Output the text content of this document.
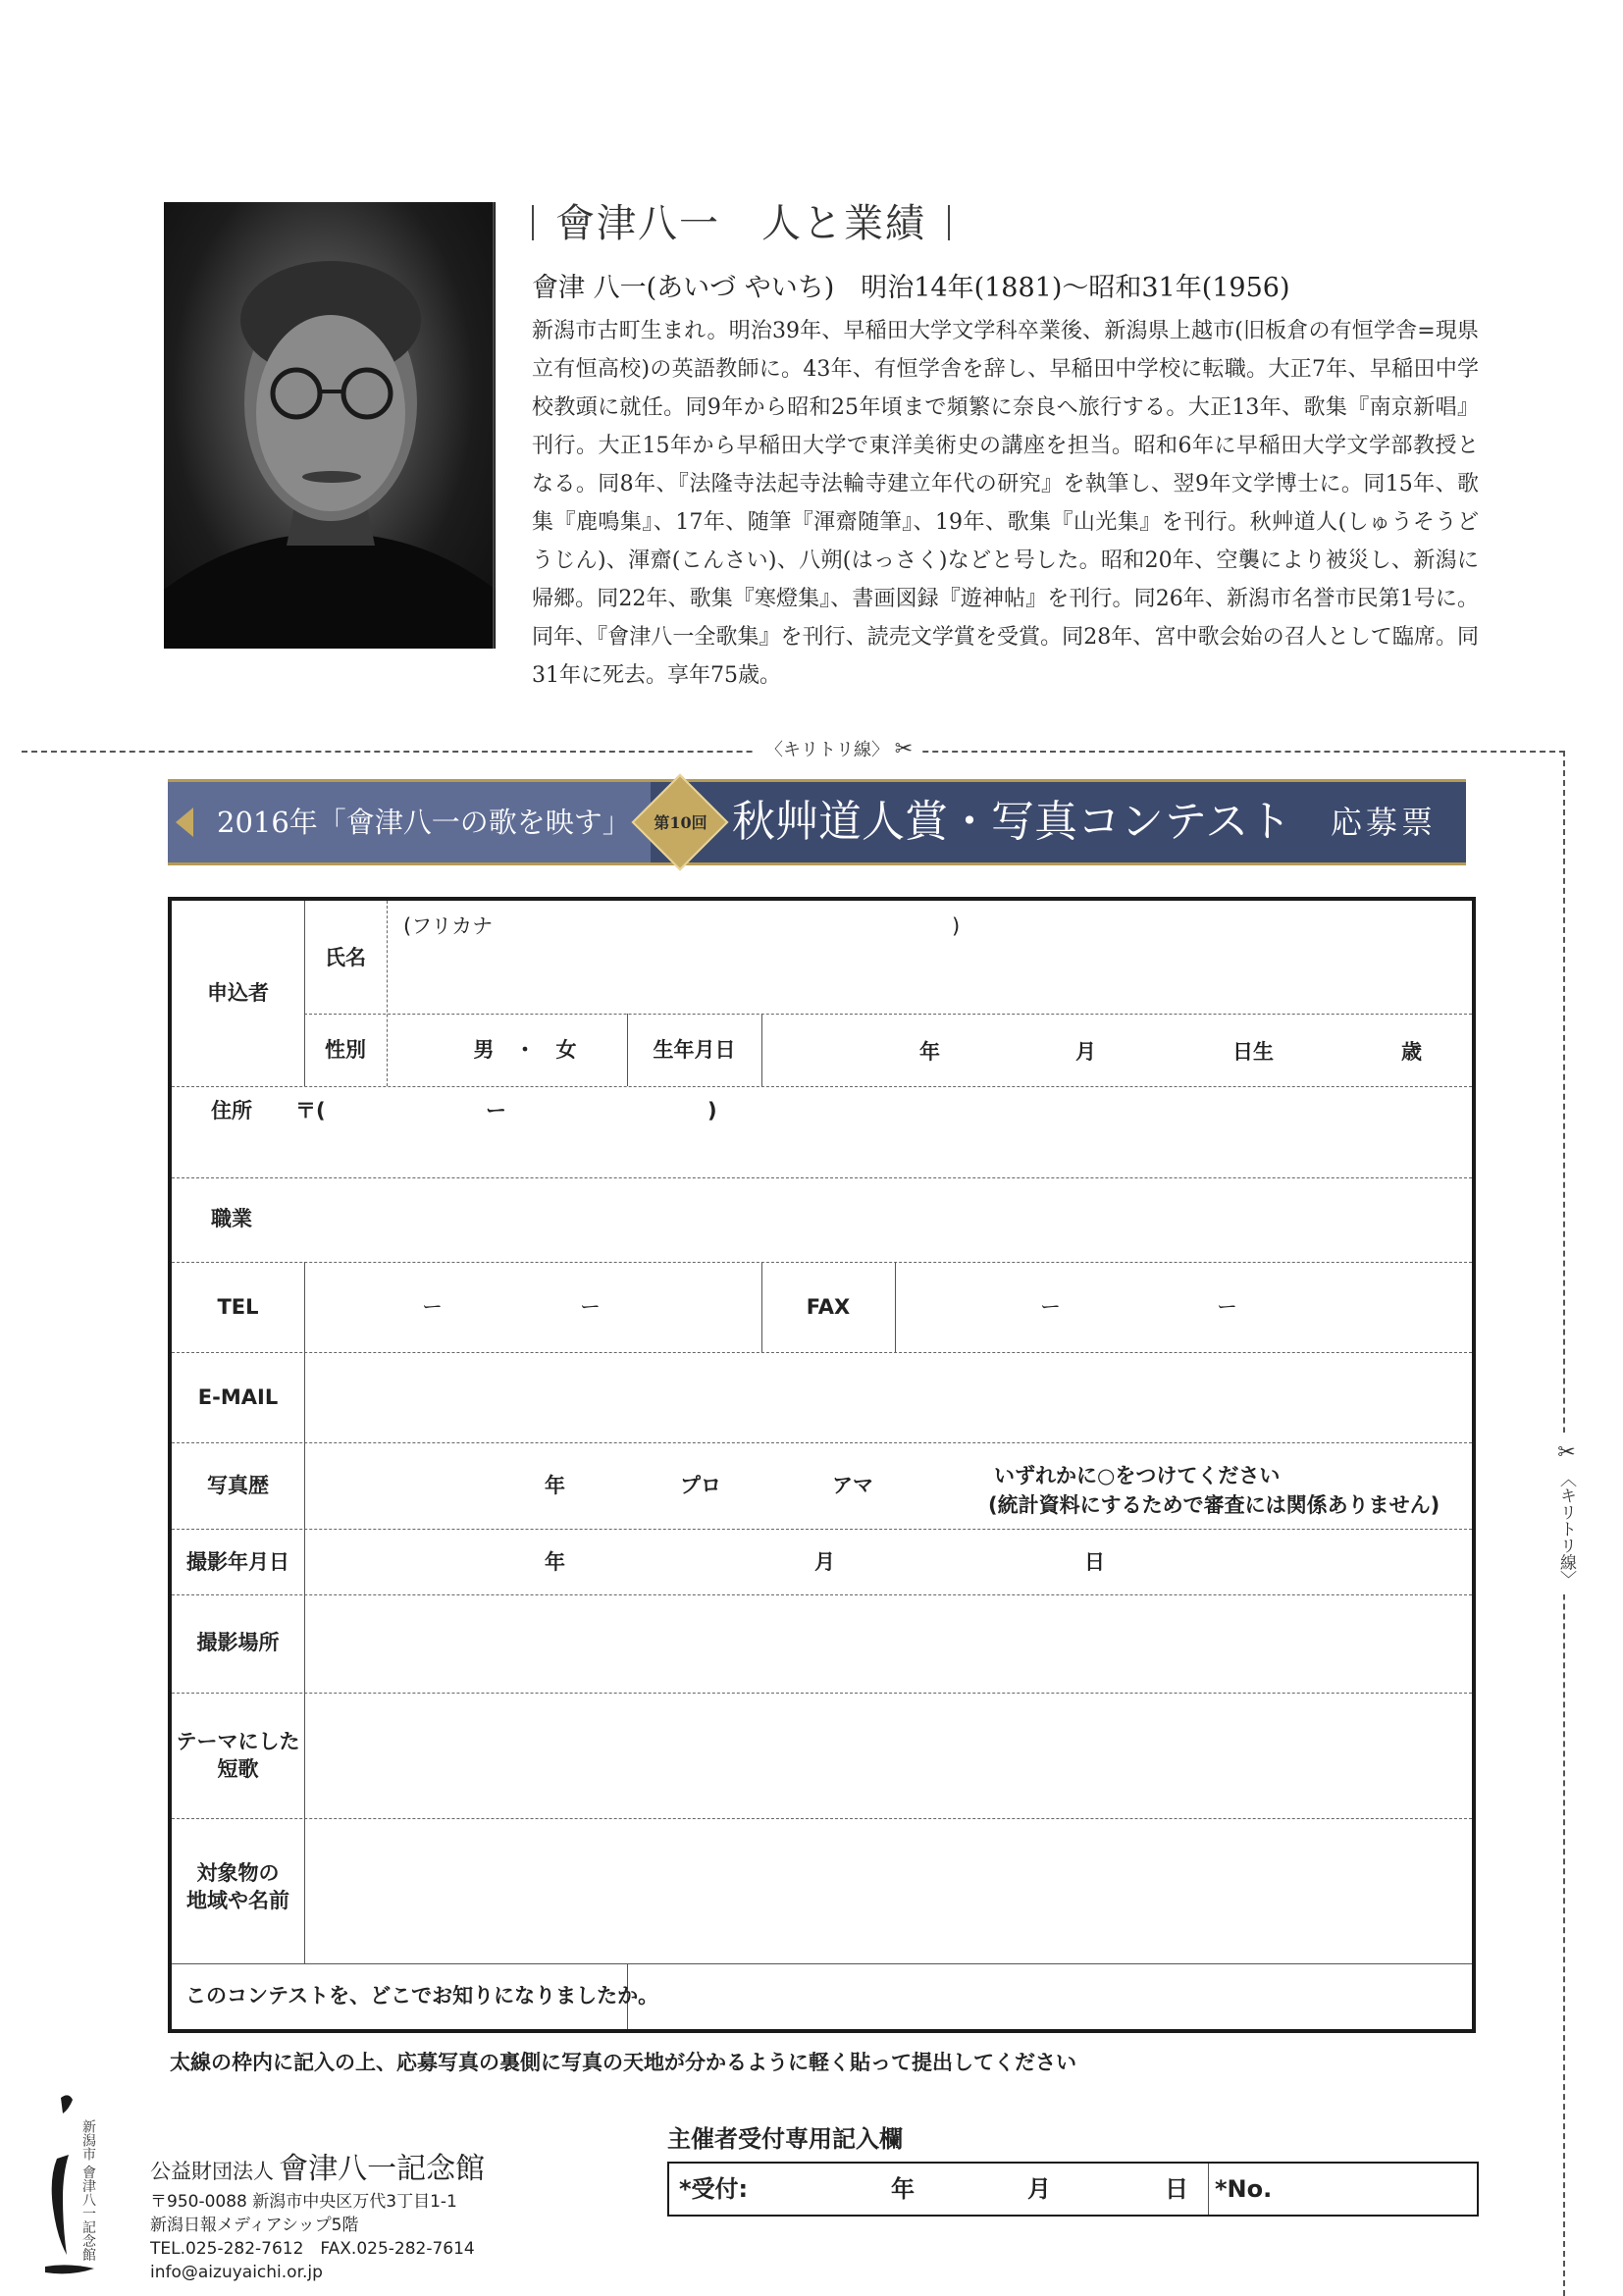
會津八一　人と業績
會津 八一(あいづ やいち)　明治14年(1881)〜昭和31年(1956)
新潟市古町生まれ。明治39年、早稲田大学文学科卒業後、新潟県上越市(旧板倉の有恒学舎=現県立有恒高校)の英語教師に。43年、有恒学舎を辞し、早稲田中学校に転職。大正7年、早稲田中学校教頭に就任。同9年から昭和25年頃まで頻繁に奈良へ旅行する。大正13年、歌集『南京新唱』刊行。大正15年から早稲田大学で東洋美術史の講座を担当。昭和6年に早稲田大学文学部教授となる。同8年、『法隆寺法起寺法輪寺建立年代の研究』を執筆し、翌9年文学博士に。同15年、歌集『鹿鳴集』、17年、随筆『渾齋随筆』、19年、歌集『山光集』を刊行。秋艸道人(しゅうそうどうじん)、渾齋(こんさい)、八朔(はっさく)などと号した。昭和20年、空襲により被災し、新潟に帰郷。同22年、歌集『寒燈集』、書画図録『遊神帖』を刊行。同26年、新潟市名誉市民第1号に。同年、『會津八一全歌集』を刊行、読売文学賞を受賞。同28年、宮中歌会始の召人として臨席。同31年に死去。享年75歳。
〈キリトリ線〉 ✂
✂ 〈キリトリ線〉
2016年「會津八一の歌を映す」	第10回 秋艸道人賞・写真コンテスト 応募票
申込者
氏名
(フリカナ	)
性別	男　・　女	生年月日	年	月	日生	歳
住所 〒(	ー	)
職業
TEL	ー	ー	FAX	ー	ー
E-MAIL
写真歴	年	プロ	アマ	いずれかに○をつけてください
(統計資料にするためで審査には関係ありません)
撮影年月日	年	月	日
撮影場所
テーマにした
短歌
対象物の
地域や名前
このコンテストを、どこでお知りになりましたか。
太線の枠内に記入の上、応募写真の裏側に写真の天地が分かるように軽く貼って提出してください
新潟市 會津八一記念館	公益財団法人 會津八一記念館
〒950-0088 新潟市中央区万代3丁目1-1
新潟日報メディアシップ5階
TEL.025-282-7612　FAX.025-282-7614
info@aizuyaichi.or.jp
主催者受付専用記入欄
*受付:	年	月	日 *No.
